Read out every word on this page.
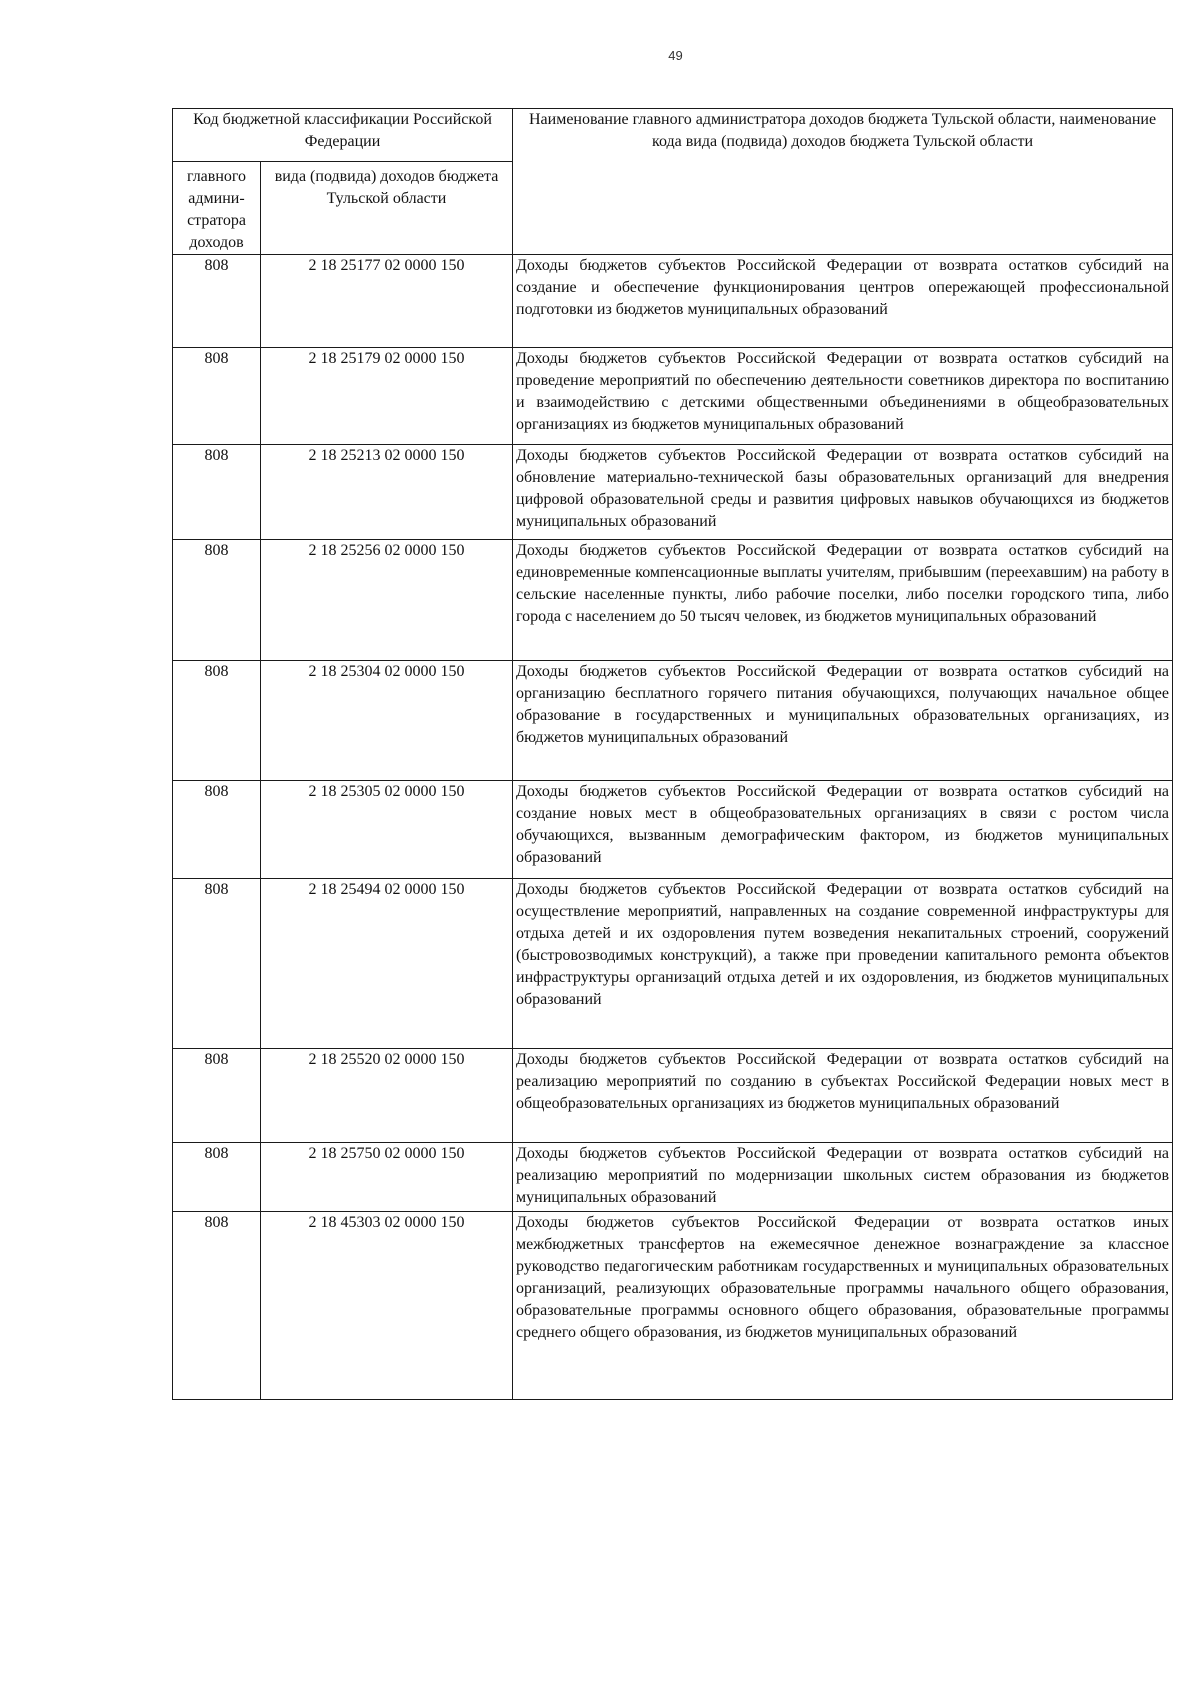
49
Код бюджетной классификации Российской Федерации		Наименование главного администратора доходов бюджета Тульской области, наименование кода вида (подвида) доходов бюджета Тульской области
главного админи-стратора доходов	вида (подвида) доходов бюджета Тульской области	
808	2 18 25177 02 0000 150	Доходы бюджетов субъектов Российской Федерации от возврата остатков субсидий на создание и обеспечение функционирования центров опережающей профессиональной подготовки из бюджетов муниципальных образований
808	2 18 25179 02 0000 150	Доходы бюджетов субъектов Российской Федерации от возврата остатков субсидий на проведение мероприятий по обеспечению деятельности советников директора по воспитанию и взаимодействию с детскими общественными объединениями в общеобразовательных организациях из бюджетов муниципальных образований

808	2 18 25213 02 0000 150	Доходы бюджетов субъектов Российской Федерации от возврата остатков субсидий на обновление материально-технической базы образовательных организаций для внедрения цифровой образовательной среды и развития цифровых навыков обучающихся из бюджетов муниципальных образований
808	2 18 25256 02 0000 150	Доходы бюджетов субъектов Российской Федерации от возврата остатков субсидий на единовременные компенсационные выплаты учителям, прибывшим (переехавшим) на работу в сельские населенные пункты, либо рабочие поселки, либо поселки городского типа, либо города с населением до 50 тысяч человек, из бюджетов муниципальных образований
808	2 18 25304 02 0000 150	Доходы бюджетов субъектов Российской Федерации от возврата остатков субсидий на организацию бесплатного горячего питания обучающихся, получающих начальное общее образование в государственных и муниципальных образовательных организациях, из бюджетов муниципальных образований
808	2 18 25305 02 0000 150	Доходы бюджетов субъектов Российской Федерации от возврата остатков субсидий на создание новых мест в общеобразовательных организациях в связи с ростом числа обучающихся, вызванным демографическим фактором, из бюджетов муниципальных образований
808	2 18 25494 02 0000 150	Доходы бюджетов субъектов Российской Федерации от возврата остатков субсидий на осуществление мероприятий, направленных на создание современной инфраструктуры для отдыха детей и их оздоровления путем возведения некапитальных строений, сооружений (быстровозводимых конструкций), а также при проведении капитального ремонта объектов инфраструктуры организаций отдыха детей и их оздоровления, из бюджетов муниципальных образований
808	2 18 25520 02 0000 150	Доходы бюджетов субъектов Российской Федерации от возврата остатков субсидий на реализацию мероприятий по созданию в субъектах Российской Федерации новых мест в общеобразовательных организациях из бюджетов муниципальных образований
808	2 18 25750 02 0000 150	Доходы бюджетов субъектов Российской Федерации от возврата остатков субсидий на реализацию мероприятий по модернизации школьных систем образования из бюджетов муниципальных образований
808	2 18 45303 02 0000 150	Доходы бюджетов субъектов Российской Федерации от возврата остатков иных межбюджетных трансфертов на ежемесячное денежное вознаграждение за классное руководство педагогическим работникам государственных и муниципальных образовательных организаций, реализующих образовательные программы начального общего образования, образовательные программы основного общего образования, образовательные программы среднего общего образования, из бюджетов муниципальных образований
